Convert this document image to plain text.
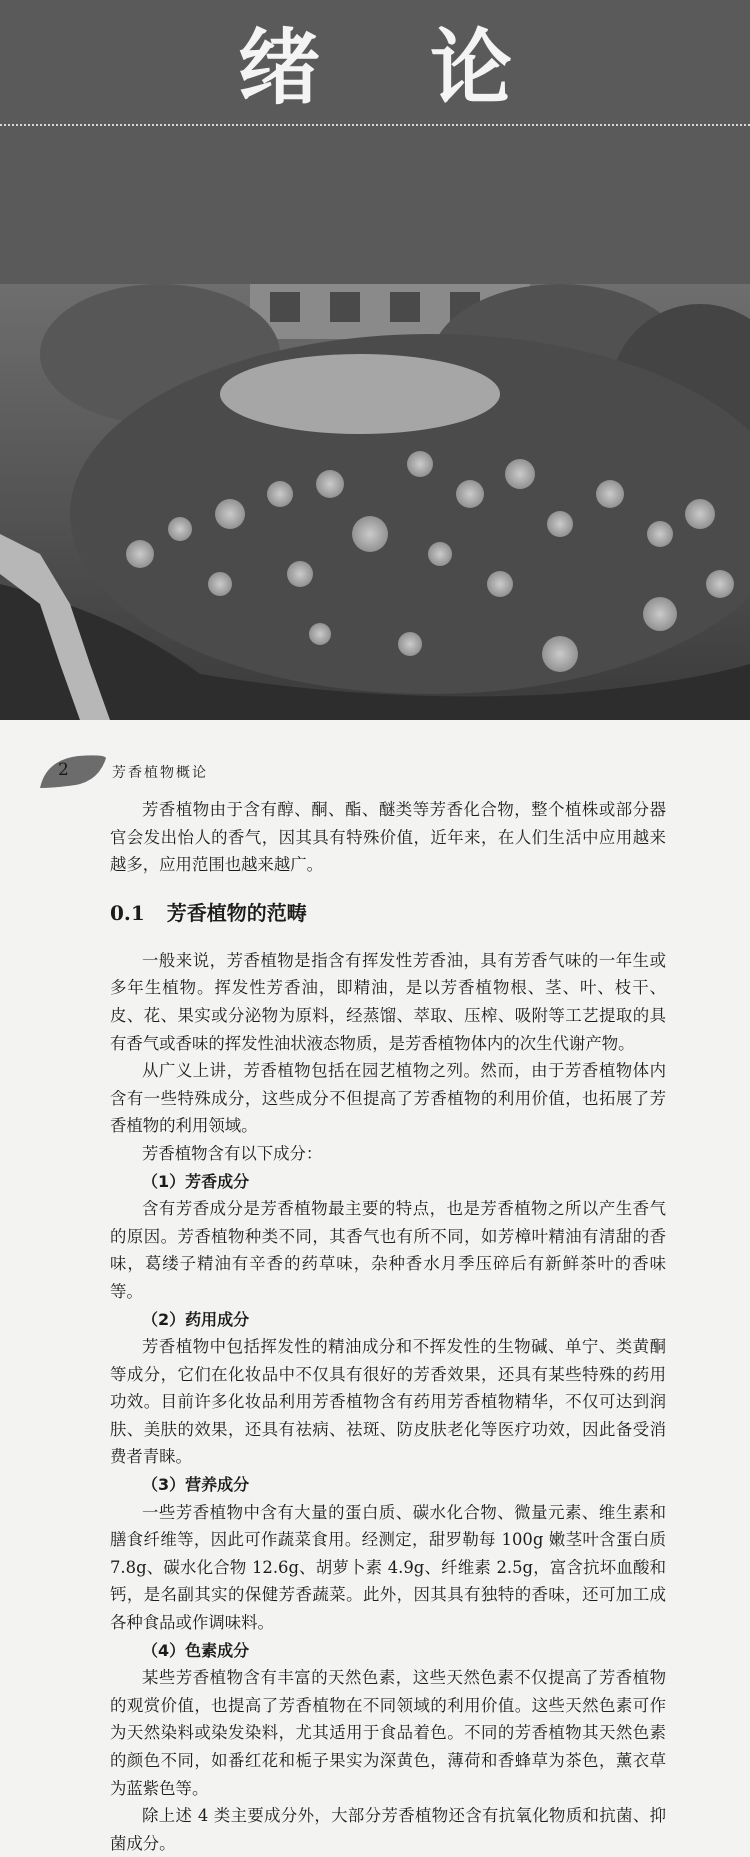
绪论
2	芳香植物概论

芳香植物由于含有醇、酮、酯、醚类等芳香化合物，整个植株或部分器官会发出怡人的香气，因其具有特殊价值，近年来，在人们生活中应用越来越多，应用范围也越来越广。

0.1 芳香植物的范畴

一般来说，芳香植物是指含有挥发性芳香油，具有芳香气味的一年生或多年生植物。挥发性芳香油，即精油，是以芳香植物根、茎、叶、枝干、皮、花、果实或分泌物为原料，经蒸馏、萃取、压榨、吸附等工艺提取的具有香气或香味的挥发性油状液态物质，是芳香植物体内的次生代谢产物。

从广义上讲，芳香植物包括在园艺植物之列。然而，由于芳香植物体内含有一些特殊成分，这些成分不但提高了芳香植物的利用价值，也拓展了芳香植物的利用领域。

芳香植物含有以下成分：

（1）芳香成分

含有芳香成分是芳香植物最主要的特点，也是芳香植物之所以产生香气的原因。芳香植物种类不同，其香气也有所不同，如芳樟叶精油有清甜的香味，葛缕子精油有辛香的药草味，杂种香水月季压碎后有新鲜茶叶的香味等。

（2）药用成分

芳香植物中包括挥发性的精油成分和不挥发性的生物碱、单宁、类黄酮等成分，它们在化妆品中不仅具有很好的芳香效果，还具有某些特殊的药用功效。目前许多化妆品利用芳香植物含有药用芳香植物精华，不仅可达到润肤、美肤的效果，还具有祛病、祛斑、防皮肤老化等医疗功效，因此备受消费者青睐。

（3）营养成分

一些芳香植物中含有大量的蛋白质、碳水化合物、微量元素、维生素和膳食纤维等，因此可作蔬菜食用。经测定，甜罗勒每 100g 嫩茎叶含蛋白质 7.8g、碳水化合物 12.6g、胡萝卜素 4.9g、纤维素 2.5g，富含抗坏血酸和钙，是名副其实的保健芳香蔬菜。此外，因其具有独特的香味，还可加工成各种食品或作调味料。

（4）色素成分

某些芳香植物含有丰富的天然色素，这些天然色素不仅提高了芳香植物的观赏价值，也提高了芳香植物在不同领域的利用价值。这些天然色素可作为天然染料或染发染料，尤其适用于食品着色。不同的芳香植物其天然色素的颜色不同，如番红花和栀子果实为深黄色，薄荷和香蜂草为茶色，薰衣草为蓝紫色等。

除上述 4 类主要成分外，大部分芳香植物还含有抗氧化物质和抗菌、抑菌成分。
